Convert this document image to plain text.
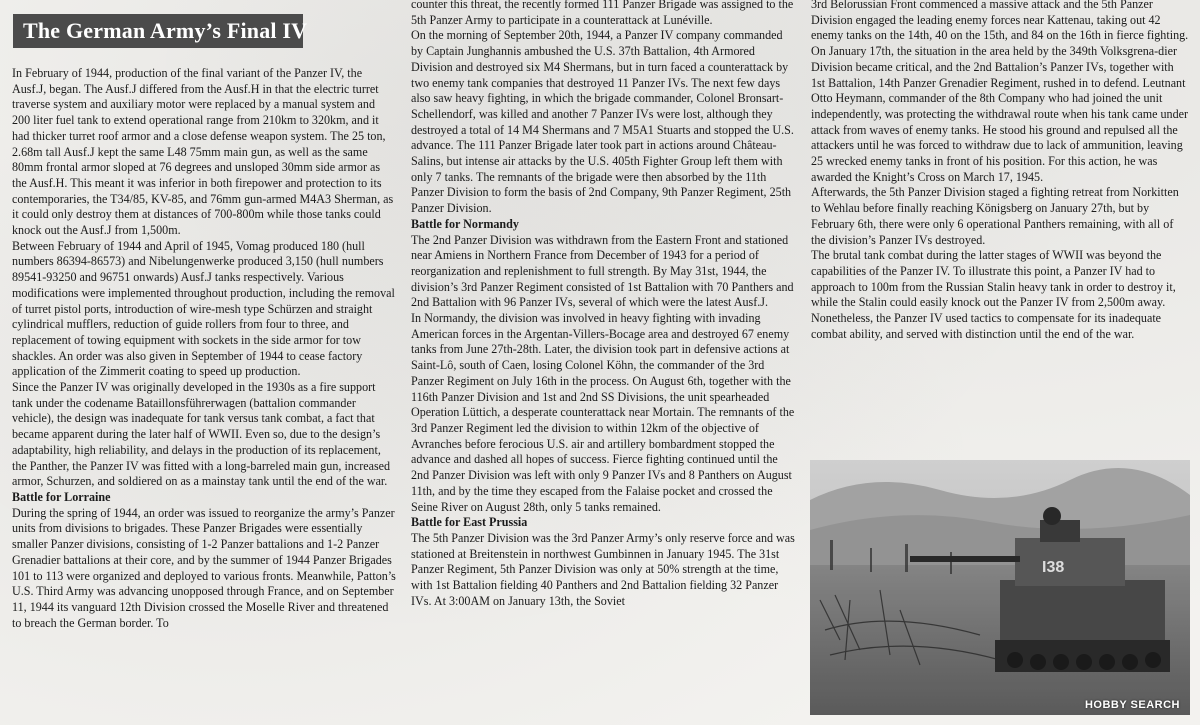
The German Army’s Final IV

In February of 1944, production of the final variant of the Panzer IV, the Ausf.J, began. The Ausf.J differed from the Ausf.H in that the electric turret traverse system and auxiliary motor were replaced by a manual system and 200 liter fuel tank to extend operational range from 210km to 320km, and it had thicker turret roof armor and a close defense weapon system. The 25 ton, 2.68m tall Ausf.J kept the same L48 75mm main gun, as well as the same 80mm frontal armor sloped at 76 degrees and unsloped 30mm side armor as the Ausf.H. This meant it was inferior in both firepower and protection to its contemporaries, the T34/85, KV-85, and 76mm gun-armed M4A3 Sherman, as it could only destroy them at distances of 700-800m while those tanks could knock out the Ausf.J from 1,500m.

Between February of 1944 and April of 1945, Vomag produced 180 (hull numbers 86394-86573) and Nibelungenwerke produced 3,150 (hull numbers 89541-93250 and 96751 onwards) Ausf.J tanks respectively. Various modifications were implemented throughout production, including the removal of turret pistol ports, introduction of wire-mesh type Schürzen and straight cylindrical mufflers, reduction of guide rollers from four to three, and replacement of towing equipment with sockets in the side armor for tow shackles. An order was also given in September of 1944 to cease factory application of the Zimmerit coating to speed up production.

Since the Panzer IV was originally developed in the 1930s as a fire support tank under the codename Bataillonsführerwagen (battalion commander vehicle), the design was inadequate for tank versus tank combat, a fact that became apparent during the later half of WWII. Even so, due to the design’s adaptability, high reliability, and delays in the production of its replacement, the Panther, the Panzer IV was fitted with a long-barreled main gun, increased armor, Schurzen, and soldiered on as a mainstay tank until the end of the war.

Battle for Lorraine

During the spring of 1944, an order was issued to reorganize the army’s Panzer units from divisions to brigades. These Panzer Brigades were essentially smaller Panzer divisions, consisting of 1-2 Panzer battalions and 1-2 Panzer Grenadier battalions at their core, and by the summer of 1944 Panzer Brigades 101 to 113 were organized and deployed to various fronts. Meanwhile, Patton’s U.S. Third Army was advancing unopposed through France, and on September 11, 1944 its vanguard 12th Division crossed the Moselle River and threatened to breach the German border. To

counter this threat, the recently formed 111 Panzer Brigade was assigned to the 5th Panzer Army to participate in a counterattack at Lunéville.

On the morning of September 20th, 1944, a Panzer IV company commanded by Captain Junghannis ambushed the U.S. 37th Battalion, 4th Armored Division and destroyed six M4 Shermans, but in turn faced a counterattack by two enemy tank companies that destroyed 11 Panzer IVs. The next few days also saw heavy fighting, in which the brigade commander, Colonel Bronsart-Schellendorf, was killed and another 7 Panzer IVs were lost, although they destroyed a total of 14 M4 Shermans and 7 M5A1 Stuarts and stopped the U.S. advance. The 111 Panzer Brigade later took part in actions around Château-Salins, but intense air attacks by the U.S. 405th Fighter Group left them with only 7 tanks. The remnants of the brigade were then absorbed by the 11th Panzer Division to form the basis of 2nd Company, 9th Panzer Regiment, 25th Panzer Division.

Battle for Normandy

The 2nd Panzer Division was withdrawn from the Eastern Front and stationed near Amiens in Northern France from December of 1943 for a period of reorganization and replenishment to full strength. By May 31st, 1944, the division’s 3rd Panzer Regiment consisted of 1st Battalion with 70 Panthers and 2nd Battalion with 96 Panzer IVs, several of which were the latest Ausf.J.

In Normandy, the division was involved in heavy fighting with invading American forces in the Argentan-Villers-Bocage area and destroyed 67 enemy tanks from June 27th-28th. Later, the division took part in defensive actions at Saint-Lô, south of Caen, losing Colonel Köhn, the commander of the 3rd Panzer Regiment on July 16th in the process. On August 6th, together with the 116th Panzer Division and 1st and 2nd SS Divisions, the unit spearheaded Operation Lüttich, a desperate counterattack near Mortain. The remnants of the 3rd Panzer Regiment led the division to within 12km of the objective of Avranches before ferocious U.S. air and artillery bombardment stopped the advance and dashed all hopes of success. Fierce fighting continued until the 2nd Panzer Division was left with only 9 Panzer IVs and 8 Panthers on August 11th, and by the time they escaped from the Falaise pocket and crossed the Seine River on August 28th, only 5 tanks remained.

Battle for East Prussia

The 5th Panzer Division was the 3rd Panzer Army’s only reserve force and was stationed at Breitenstein in northwest Gumbinnen in January 1945. The 31st Panzer Regiment, 5th Panzer Division was only at 50% strength at the time, with 1st Battalion fielding 40 Panthers and 2nd Battalion fielding 32 Panzer IVs. At 3:00AM on January 13th, the Soviet

3rd Belorussian Front commenced a massive attack and the 5th Panzer Division engaged the leading enemy forces near Kattenau, taking out 42 enemy tanks on the 14th, 40 on the 15th, and 84 on the 16th in fierce fighting.

On January 17th, the situation in the area held by the 349th Volksgrena-dier Division became critical, and the 2nd Battalion’s Panzer IVs, together with 1st Battalion, 14th Panzer Grenadier Regiment, rushed in to defend. Leutnant Otto Heymann, commander of the 8th Company who had joined the unit independently, was protecting the withdrawal route when his tank came under attack from waves of enemy tanks. He stood his ground and repulsed all the attackers until he was forced to withdraw due to lack of ammunition, leaving 25 wrecked enemy tanks in front of his position. For this action, he was awarded the Knight’s Cross on March 17, 1945.

Afterwards, the 5th Panzer Division staged a fighting retreat from Norkitten to Wehlau before finally reaching Königsberg on January 27th, but by February 6th, there were only 6 operational Panthers remaining, with all of the division’s Panzer IVs destroyed.

The brutal tank combat during the latter stages of WWII was beyond the capabilities of the Panzer IV. To illustrate this point, a Panzer IV had to approach to 100m from the Russian Stalin heavy tank in order to destroy it, while the Stalin could easily knock out the Panzer IV from 2,500m away. Nonetheless, the Panzer IV used tactics to compensate for its inadequate combat ability, and served with distinction until the end of the war.

I38
HOBBY SEARCH
